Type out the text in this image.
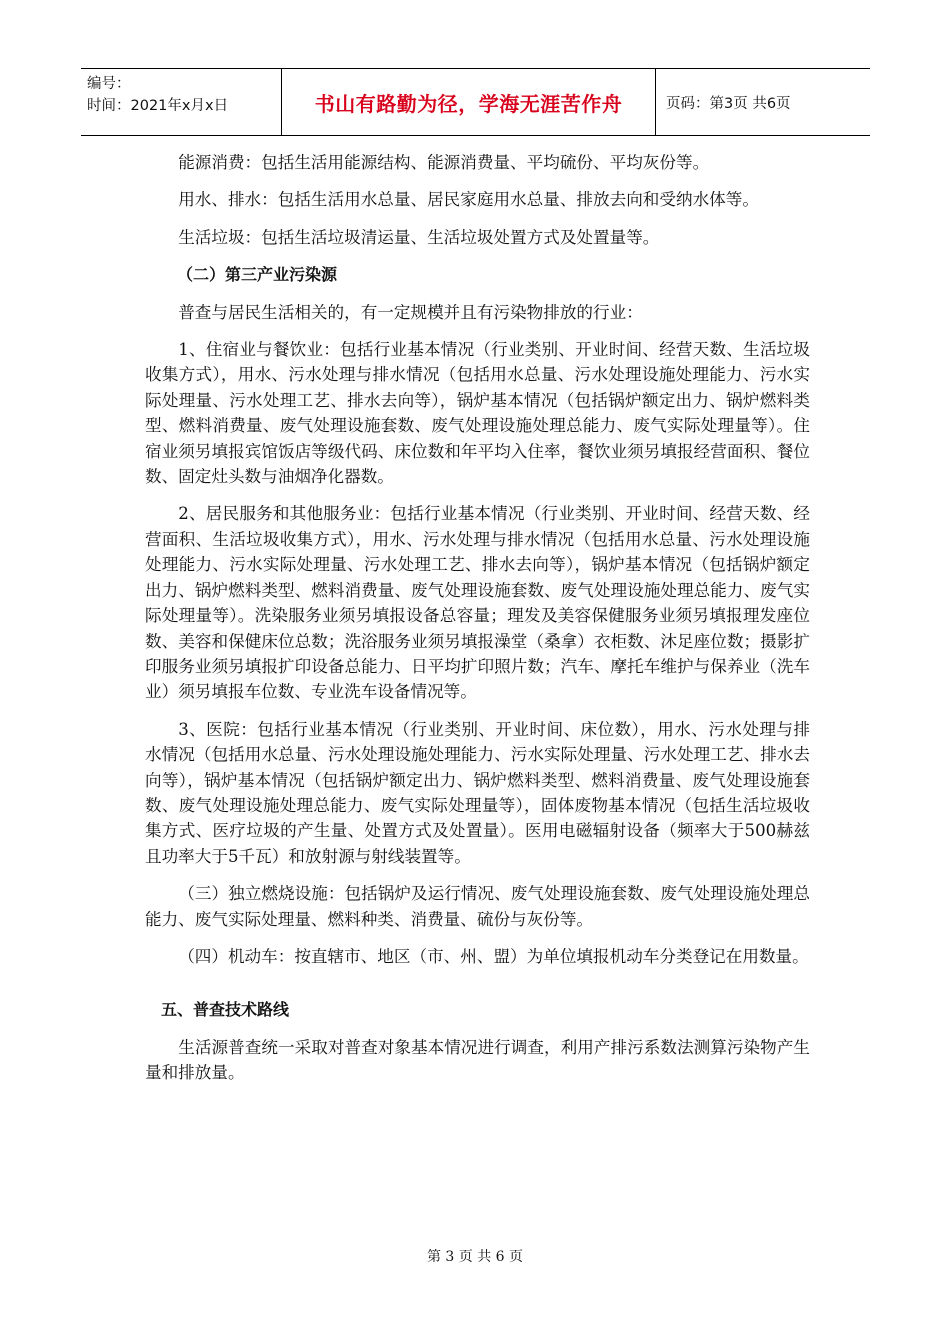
编号：
时间：2021年x月x日	书山有路勤为径，学海无涯苦作舟	页码：第3页 共6页

能源消费：包括生活用能源结构、能源消费量、平均硫份、平均灰份等。

用水、排水：包括生活用水总量、居民家庭用水总量、排放去向和受纳水体等。

生活垃圾：包括生活垃圾清运量、生活垃圾处置方式及处置量等。

（二）第三产业污染源

普查与居民生活相关的，有一定规模并且有污染物排放的行业：

1、住宿业与餐饮业：包括行业基本情况（行业类别、开业时间、经营天数、生活垃圾收集方式），用水、污水处理与排水情况（包括用水总量、污水处理设施处理能力、污水实际处理量、污水处理工艺、排水去向等），锅炉基本情况（包括锅炉额定出力、锅炉燃料类型、燃料消费量、废气处理设施套数、废气处理设施处理总能力、废气实际处理量等）。住宿业须另填报宾馆饭店等级代码、床位数和年平均入住率，餐饮业须另填报经营面积、餐位数、固定灶头数与油烟净化器数。

2、居民服务和其他服务业：包括行业基本情况（行业类别、开业时间、经营天数、经营面积、生活垃圾收集方式），用水、污水处理与排水情况（包括用水总量、污水处理设施处理能力、污水实际处理量、污水处理工艺、排水去向等），锅炉基本情况（包括锅炉额定出力、锅炉燃料类型、燃料消费量、废气处理设施套数、废气处理设施处理总能力、废气实际处理量等）。洗染服务业须另填报设备总容量；理发及美容保健服务业须另填报理发座位数、美容和保健床位总数；洗浴服务业须另填报澡堂（桑拿）衣柜数、沐足座位数；摄影扩印服务业须另填报扩印设备总能力、日平均扩印照片数；汽车、摩托车维护与保养业（洗车业）须另填报车位数、专业洗车设备情况等。

3、医院：包括行业基本情况（行业类别、开业时间、床位数），用水、污水处理与排水情况（包括用水总量、污水处理设施处理能力、污水实际处理量、污水处理工艺、排水去向等），锅炉基本情况（包括锅炉额定出力、锅炉燃料类型、燃料消费量、废气处理设施套数、废气处理设施处理总能力、废气实际处理量等），固体废物基本情况（包括生活垃圾收集方式、医疗垃圾的产生量、处置方式及处置量）。医用电磁辐射设备（频率大于500赫兹且功率大于5千瓦）和放射源与射线装置等。

（三）独立燃烧设施：包括锅炉及运行情况、废气处理设施套数、废气处理设施处理总能力、废气实际处理量、燃料种类、消费量、硫份与灰份等。

（四）机动车：按直辖市、地区（市、州、盟）为单位填报机动车分类登记在用数量。

五、普查技术路线

生活源普查统一采取对普查对象基本情况进行调查，利用产排污系数法测算污染物产生量和排放量。

第 3 页 共 6 页
